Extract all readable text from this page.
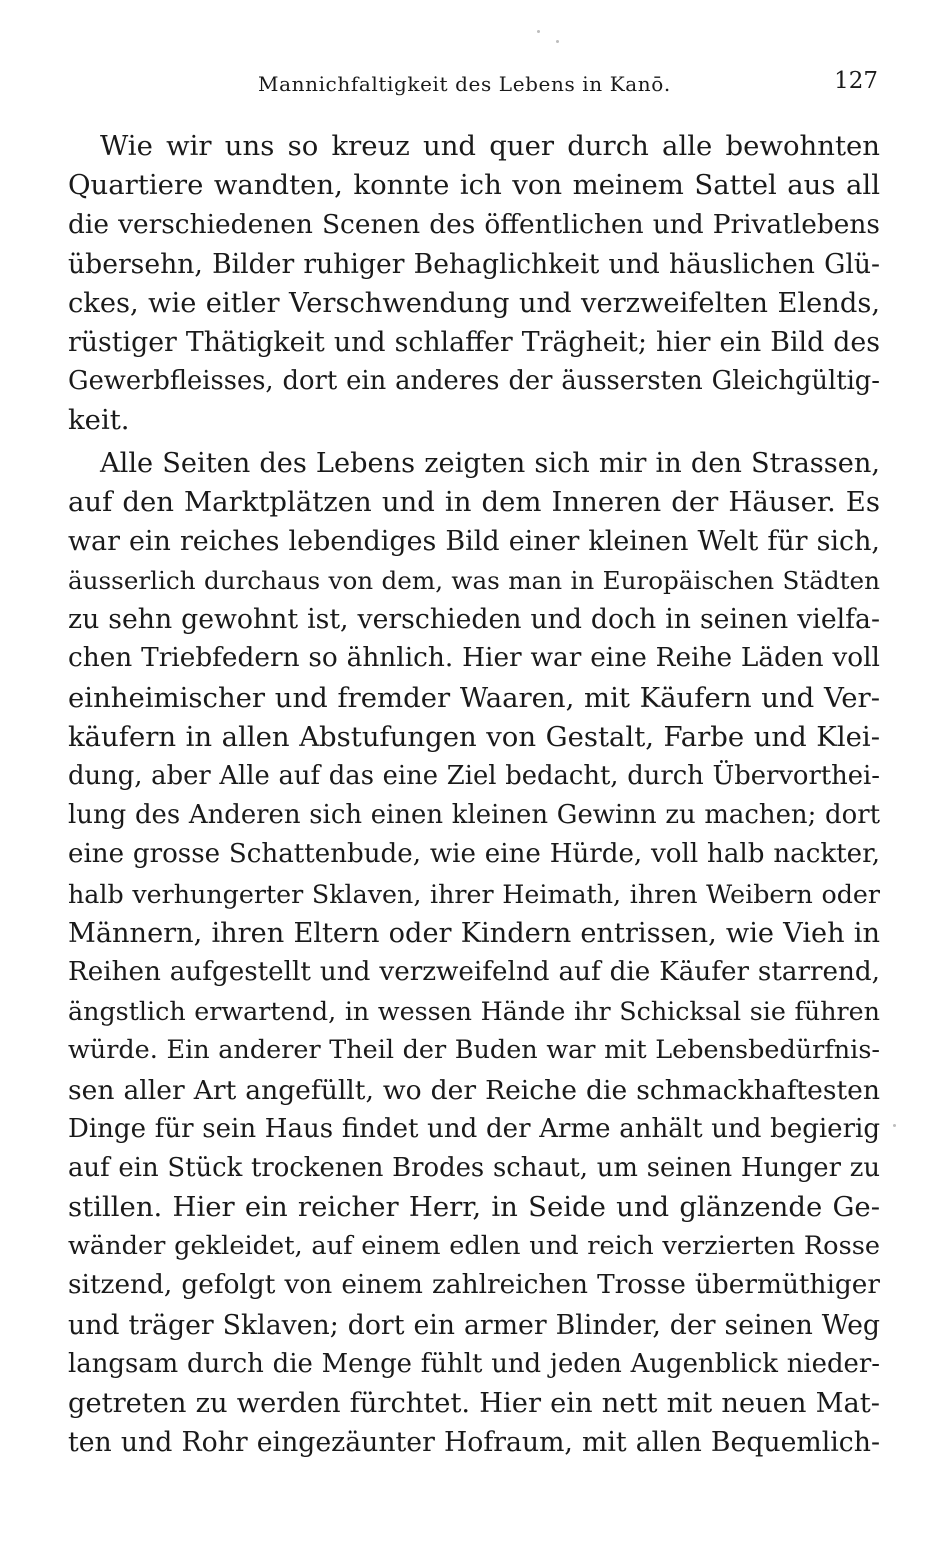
Mannichfaltigkeit des Lebens in Kanō.	127
Wie wir uns so kreuz und quer durch alle bewohnten
Quartiere wandten, konnte ich von meinem Sattel aus all
die verschiedenen Scenen des öffentlichen und Privatlebens
übersehn, Bilder ruhiger Behaglichkeit und häuslichen Glü-
ckes, wie eitler Verschwendung und verzweifelten Elends,
rüstiger Thätigkeit und schlaffer Trägheit; hier ein Bild des
Gewerbfleisses, dort ein anderes der äussersten Gleichgültig-
keit.
Alle Seiten des Lebens zeigten sich mir in den Strassen,
auf den Marktplätzen und in dem Inneren der Häuser. Es
war ein reiches lebendiges Bild einer kleinen Welt für sich,
äusserlich durchaus von dem, was man in Europäischen Städten
zu sehn gewohnt ist, verschieden und doch in seinen vielfa-
chen Triebfedern so ähnlich. Hier war eine Reihe Läden voll
einheimischer und fremder Waaren, mit Käufern und Ver-
käufern in allen Abstufungen von Gestalt, Farbe und Klei-
dung, aber Alle auf das eine Ziel bedacht, durch Übervorthei-
lung des Anderen sich einen kleinen Gewinn zu machen; dort
eine grosse Schattenbude, wie eine Hürde, voll halb nackter,
halb verhungerter Sklaven, ihrer Heimath, ihren Weibern oder
Männern, ihren Eltern oder Kindern entrissen, wie Vieh in
Reihen aufgestellt und verzweifelnd auf die Käufer starrend,
ängstlich erwartend, in wessen Hände ihr Schicksal sie führen
würde. Ein anderer Theil der Buden war mit Lebensbedürfnis-
sen aller Art angefüllt, wo der Reiche die schmackhaftesten
Dinge für sein Haus findet und der Arme anhält und begierig
auf ein Stück trockenen Brodes schaut, um seinen Hunger zu
stillen. Hier ein reicher Herr, in Seide und glänzende Ge-
wänder gekleidet, auf einem edlen und reich verzierten Rosse
sitzend, gefolgt von einem zahlreichen Trosse übermüthiger
und träger Sklaven; dort ein armer Blinder, der seinen Weg
langsam durch die Menge fühlt und jeden Augenblick nieder-
getreten zu werden fürchtet. Hier ein nett mit neuen Mat-
ten und Rohr eingezäunter Hofraum, mit allen Bequemlich-
